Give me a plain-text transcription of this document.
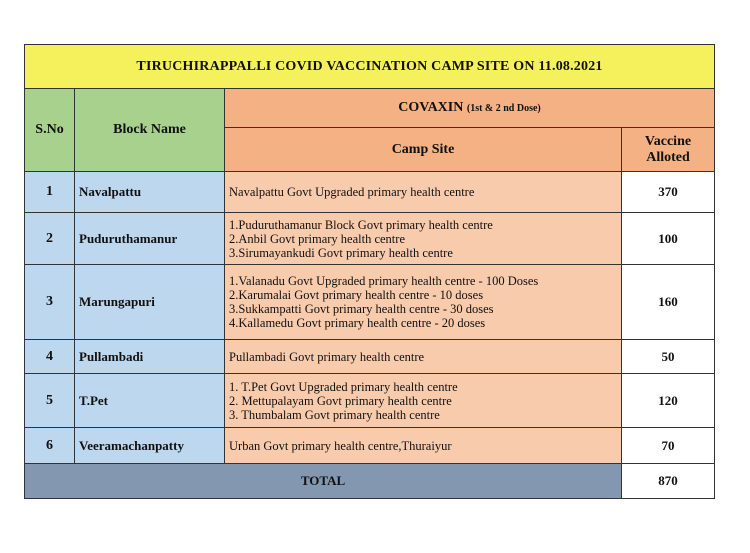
TIRUCHIRAPPALLI COVID VACCINATION CAMP SITE ON 11.08.2021			
S.No	Block Name	COVAXIN (1st & 2 nd Dose)	
		Camp Site	Vaccine
Alloted

1	Navalpattu	Navalpattu Govt Upgraded primary health centre	370
2	Puduruthamanur	1.Puduruthamanur Block Govt primary health centre
2.Anbil Govt primary health centre
3.Sirumayankudi Govt primary health centre	100
3	Marungapuri	1.Valanadu Govt Upgraded primary health centre - 100 Doses
2.Karumalai Govt primary health centre - 10 doses
3.Sukkampatti Govt primary health centre - 30 doses
4.Kallamedu Govt primary health centre - 20 doses	160
4	Pullambadi	Pullambadi Govt primary health centre	50
5	T.Pet	1. T.Pet Govt Upgraded primary health centre
2. Mettupalayam Govt primary health centre
3. Thumbalam Govt primary health centre	120
6	Veeramachanpatty	Urban Govt primary health centre,Thuraiyur	70
TOTAL			870
